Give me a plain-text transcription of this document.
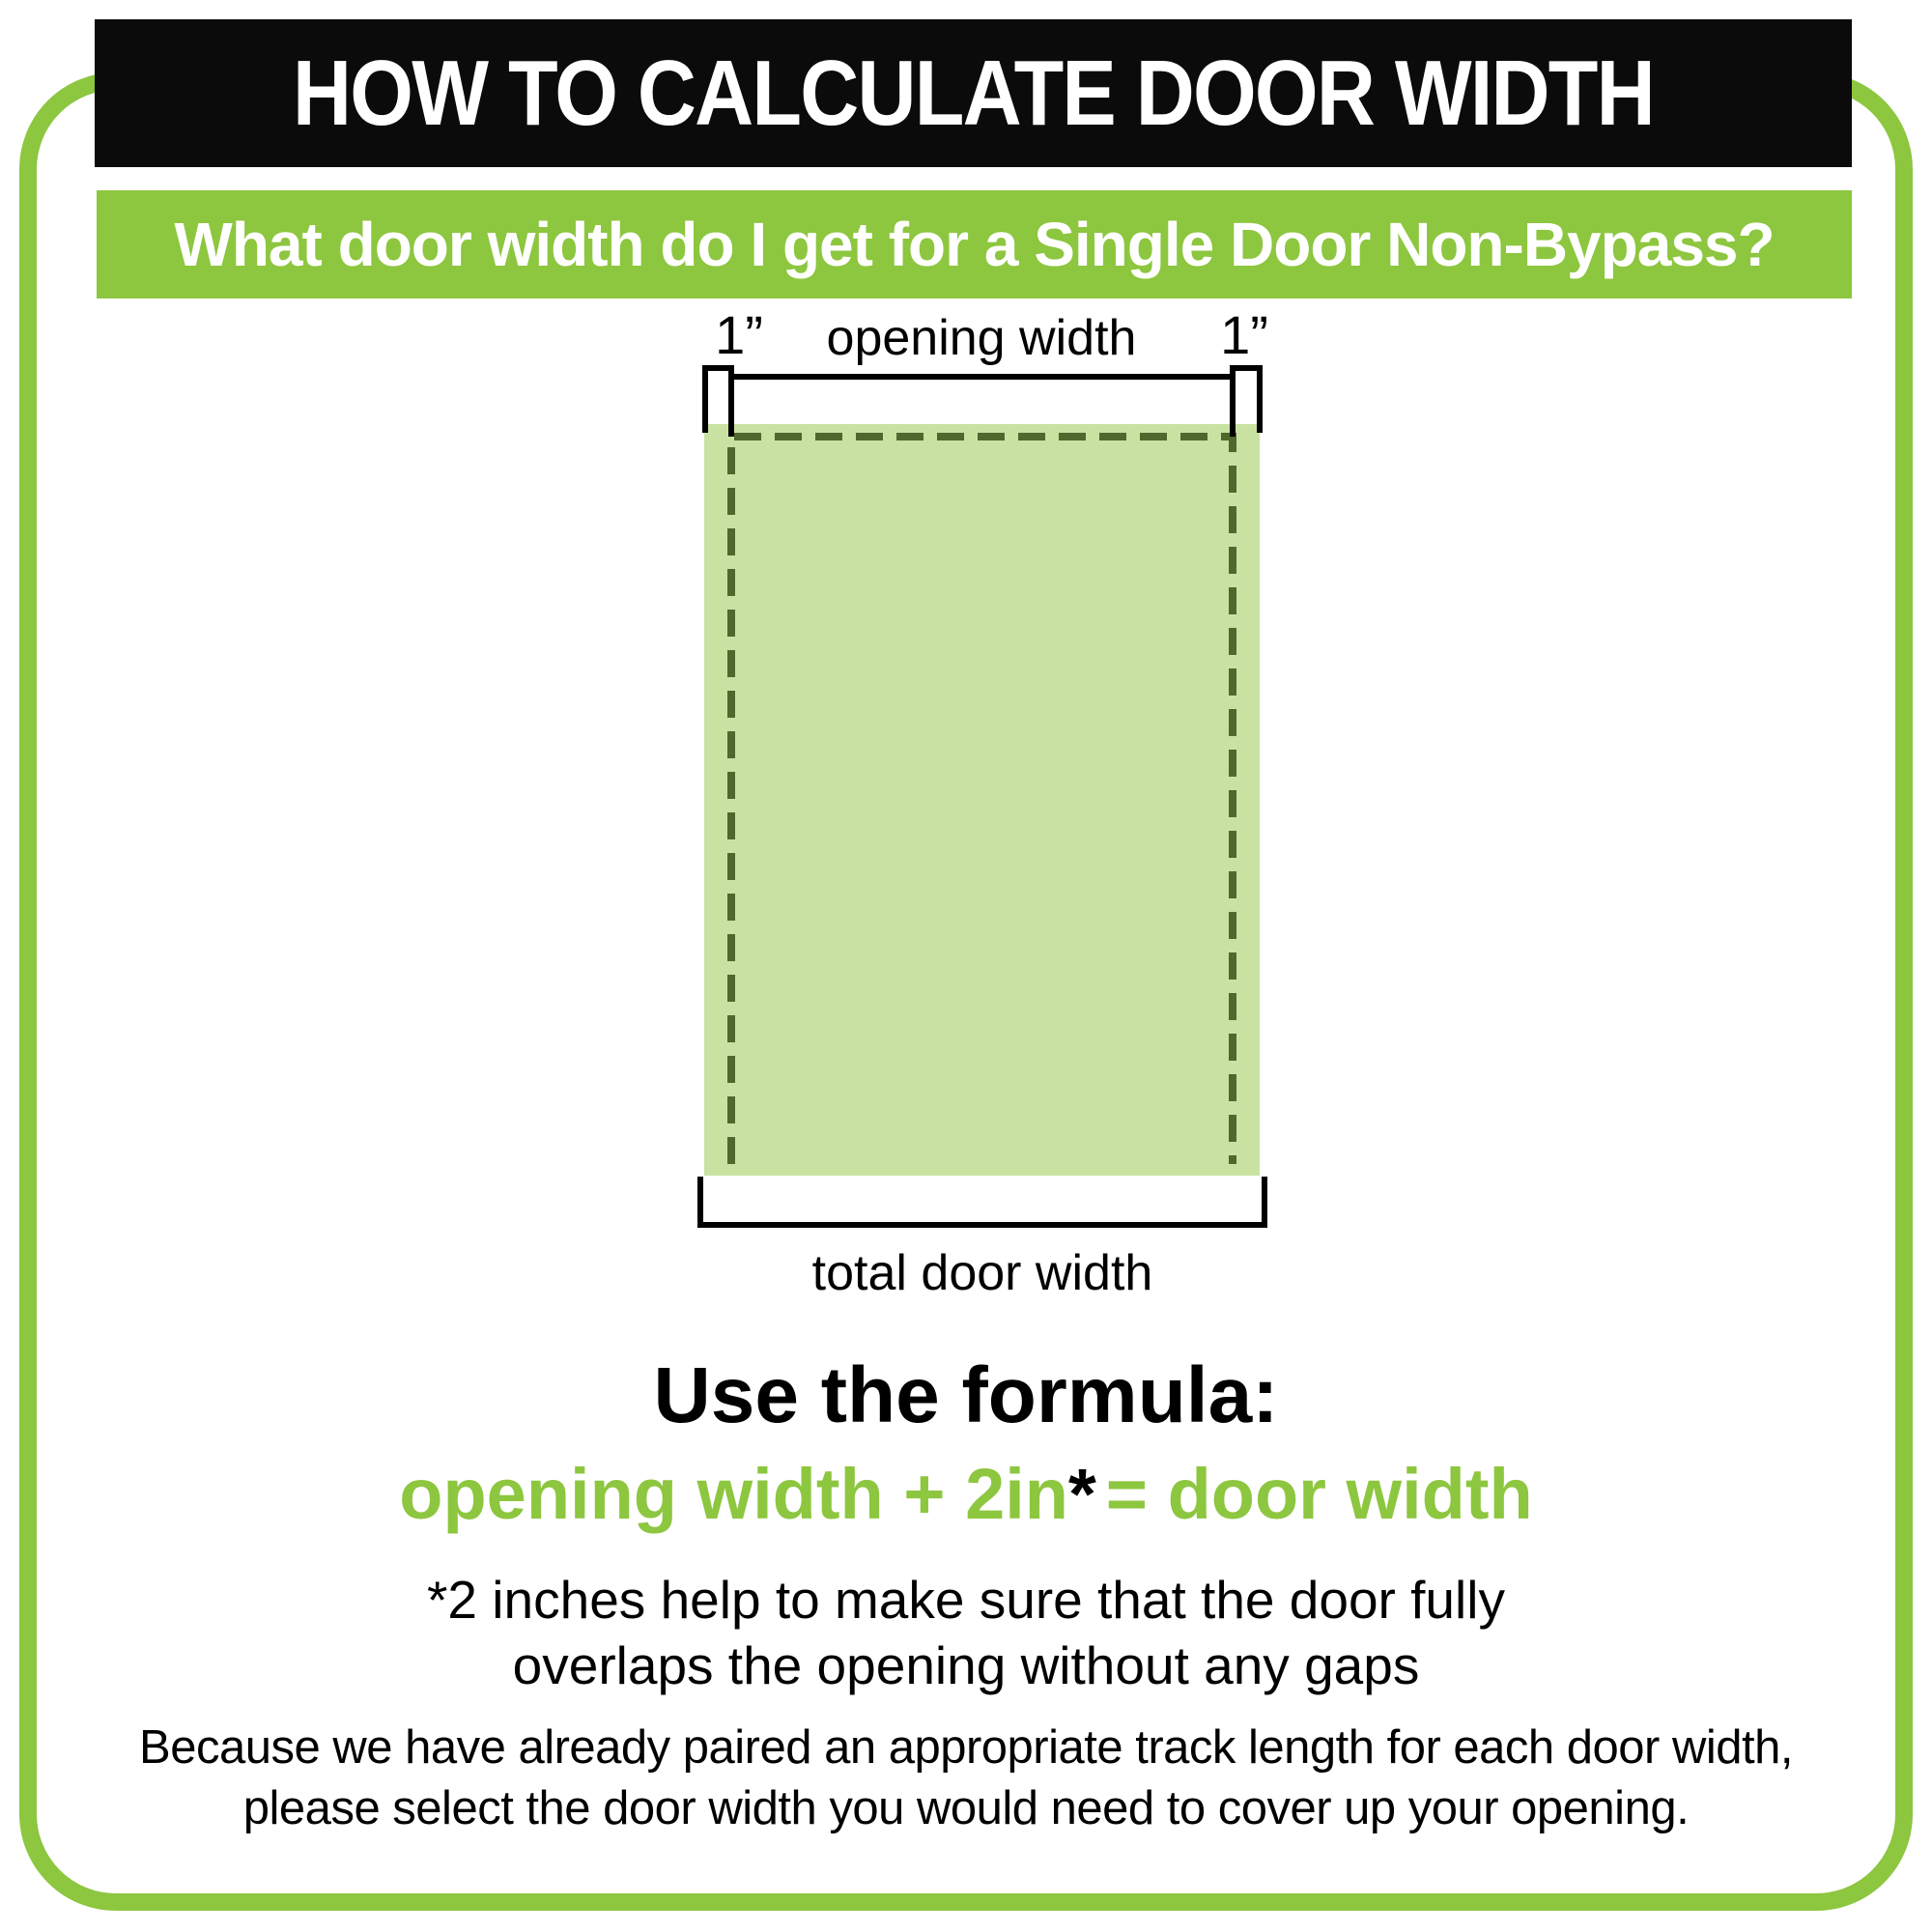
HOW TO CALCULATE DOOR WIDTH
What door width do I get for a Single Door Non-Bypass?
1”	opening width	1”
total door width
Use the formula:
opening width + 2in* = door width
*2 inches help to make sure that the door fully
overlaps the opening without any gaps
Because we have already paired an appropriate track length for each door width,
please select the door width you would need to cover up your opening.
